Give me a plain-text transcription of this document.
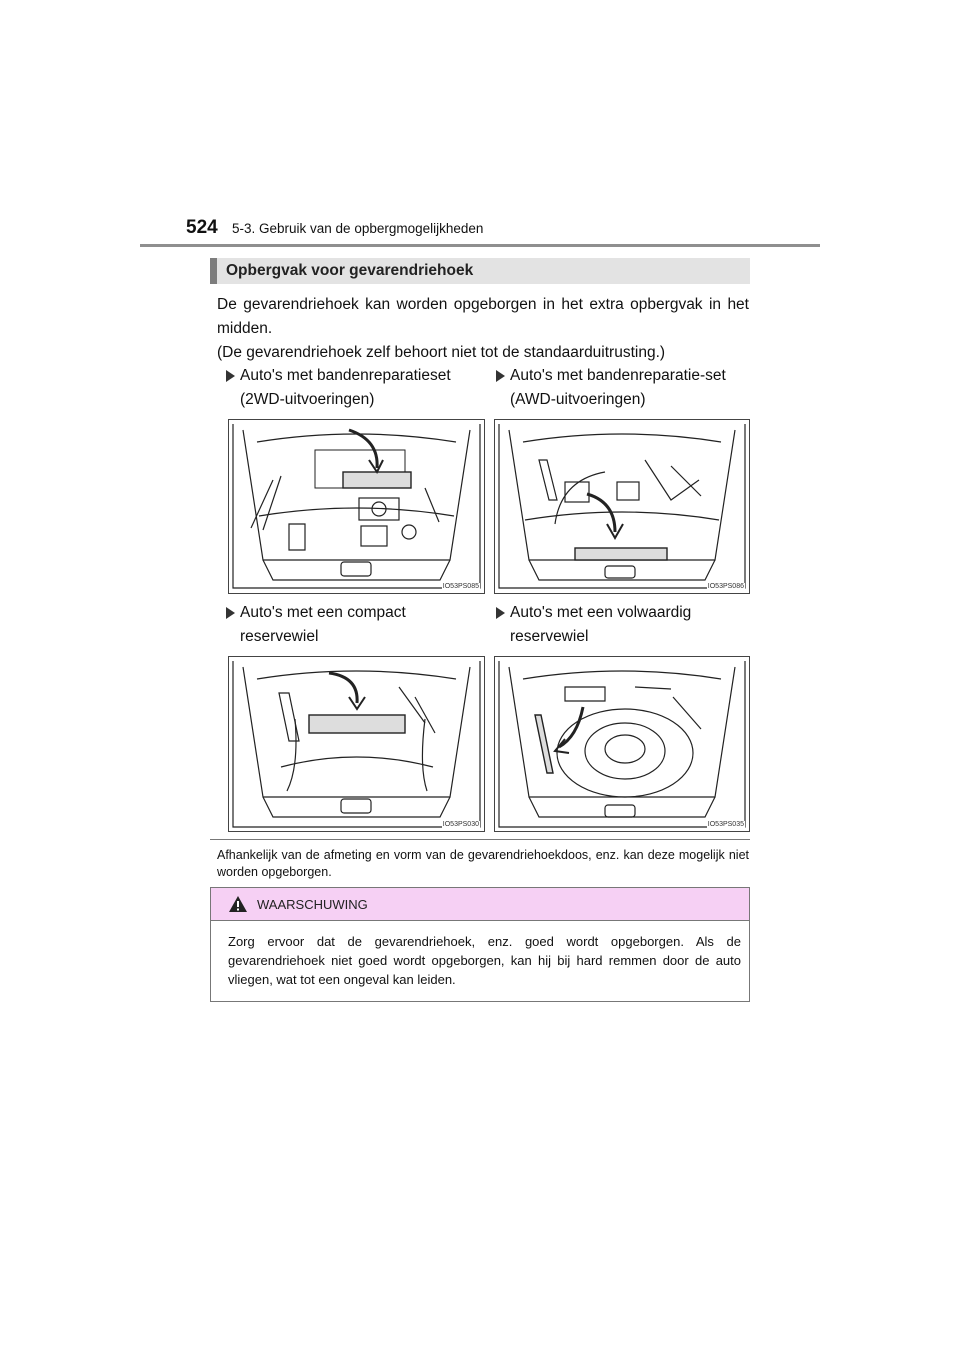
524 5-3. Gebruik van de opbergmogelijkheden
Opbergvak voor gevarendriehoek

De gevarendriehoek kan worden opgeborgen in het extra opbergvak in het midden.

(De gevarendriehoek zelf behoort niet tot de standaarduitrusting.)

Auto's met bandenreparatieset (2WD-uitvoeringen)
Auto's met bandenreparatie-set (AWD-uitvoeringen)
Auto's met een compact reservewiel
Auto's met een volwaardig reservewiel
IO53PS085	IO53PS086
IO53PS030	IO53PS035
Afhankelijk van de afmeting en vorm van de gevarendriehoekdoos, enz. kan deze mogelijk niet worden opgeborgen.
WAARSCHUWING
Zorg ervoor dat de gevarendriehoek, enz. goed wordt opgeborgen. Als de gevarendriehoek niet goed wordt opgeborgen, kan hij bij hard remmen door de auto vliegen, wat tot een ongeval kan leiden.
